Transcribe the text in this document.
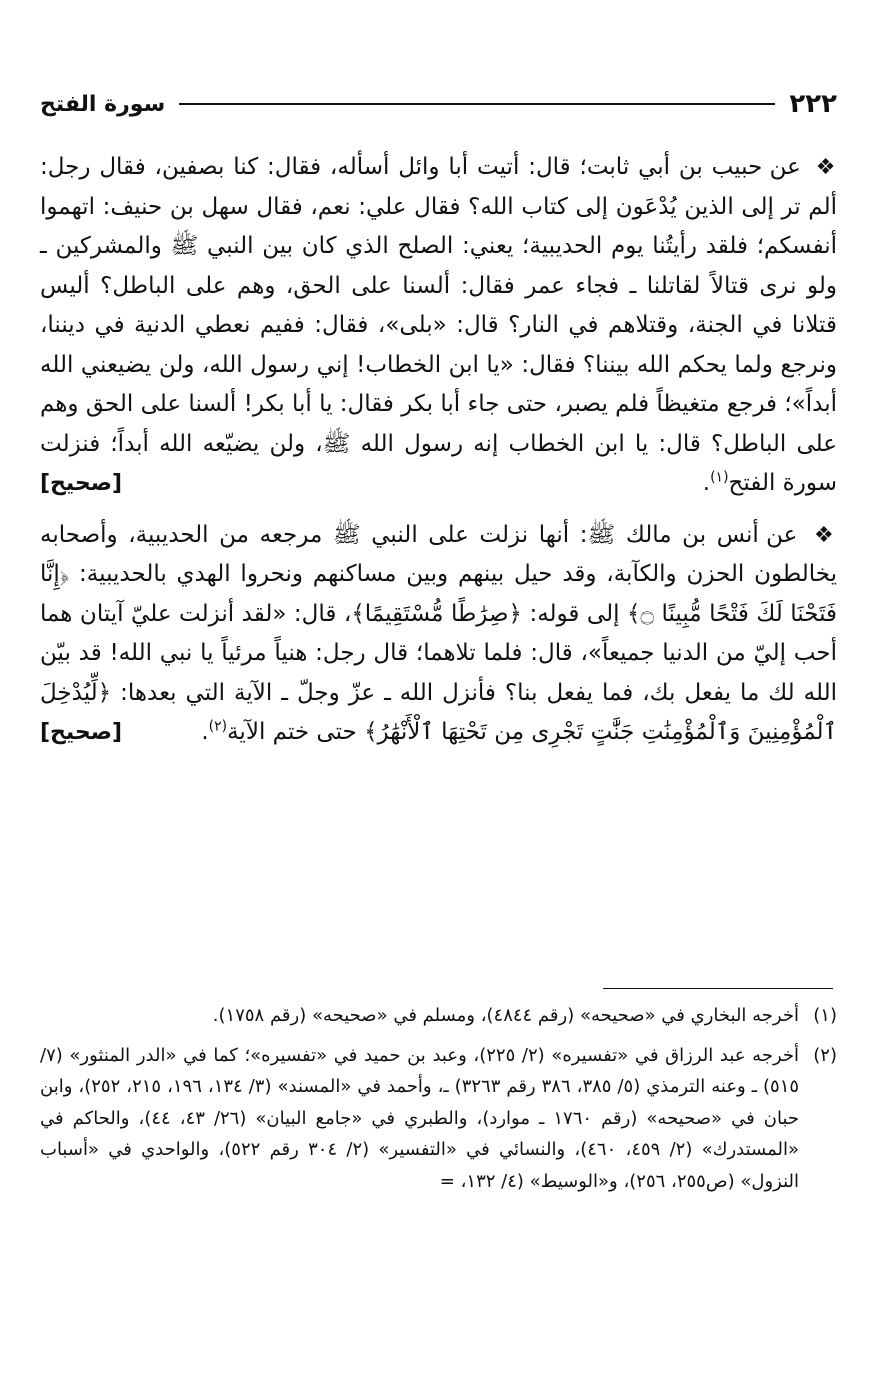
٢٢٢
سورة الفتح

❖ عن حبيب بن أبي ثابت؛ قال: أتيت أبا وائل أسأله، فقال: كنا بصفين، فقال رجل: ألم تر إلى الذين يُدْعَون إلى كتاب الله؟ فقال علي: نعم، فقال سهل بن حنيف: اتهموا أنفسكم؛ فلقد رأيتُنا يوم الحديبية؛ يعني: الصلح الذي كان بين النبي ﷺ والمشركين ـ ولو نرى قتالاً لقاتلنا ـ فجاء عمر فقال: ألسنا على الحق، وهم على الباطل؟ أليس قتلانا في الجنة، وقتلاهم في النار؟ قال: «بلى»، فقال: ففيم نعطي الدنية في ديننا، ونرجع ولما يحكم الله بيننا؟ فقال: «يا ابن الخطاب! إني رسول الله، ولن يضيعني الله أبداً»؛ فرجع متغيظاً فلم يصبر، حتى جاء أبا بكر فقال: يا أبا بكر! ألسنا على الحق وهم على الباطل؟ قال: يا ابن الخطاب إنه رسول الله ﷺ، ولن يضيّعه الله أبداً؛ فنزلت سورة الفتح$^{(١)}$.
[صحيح]

❖ عن أنس بن مالك ﷺ: أنها نزلت على النبي ﷺ مرجعه من الحديبية، وأصحابه يخالطون الحزن والكآبة، وقد حيل بينهم وبين مساكنهم ونحروا الهدي بالحديبية: ﴿إِنَّا فَتَحْنَا لَكَ فَتْحًا مُّبِينًا ۝﴾ إلى قوله: ﴿صِرَٰطًا مُّسْتَقِيمًا﴾، قال: «لقد أنزلت عليّ آيتان هما أحب إليّ من الدنيا جميعاً»، قال: فلما تلاهما؛ قال رجل: هنياً مرئياً يا نبي الله! قد بيّن الله لك ما يفعل بك، فما يفعل بنا؟ فأنزل الله ـ عزّ وجلّ ـ الآية التي بعدها: ﴿لِّيُدْخِلَ ٱلْمُؤْمِنِينَ وَٱلْمُؤْمِنَٰتِ جَنَّٰتٍ تَجْرِى مِن تَحْتِهَا ٱلْأَنْهَٰرُ﴾ حتى ختم الآية$^{(٢)}$.
[صحيح]

(١)
أخرجه البخاري في «صحيحه» (رقم ٤٨٤٤)، ومسلم في «صحيحه» (رقم ١٧٥٨).
(٢)
أخرجه عبد الرزاق في «تفسيره» (٢/ ٢٢٥)، وعبد بن حميد في «تفسيره»؛ كما في «الدر المنثور» (٧/ ٥١٥) ـ وعنه الترمذي (٥/ ٣٨٥، ٣٨٦ رقم ٣٢٦٣) ـ، وأحمد في «المسند» (٣/ ١٣٤، ١٩٦، ٢١٥، ٢٥٢)، وابن حبان في «صحيحه» (رقم ١٧٦٠ ـ موارد)، والطبري في «جامع البيان» (٢٦/ ٤٣، ٤٤)، والحاكم في «المستدرك» (٢/ ٤٥٩، ٤٦٠)، والنسائي في «التفسير» (٢/ ٣٠٤ رقم ٥٢٢)، والواحدي في «أسباب النزول» (ص٢٥٥، ٢٥٦)، و«الوسيط» (٤/ ١٣٢، =
